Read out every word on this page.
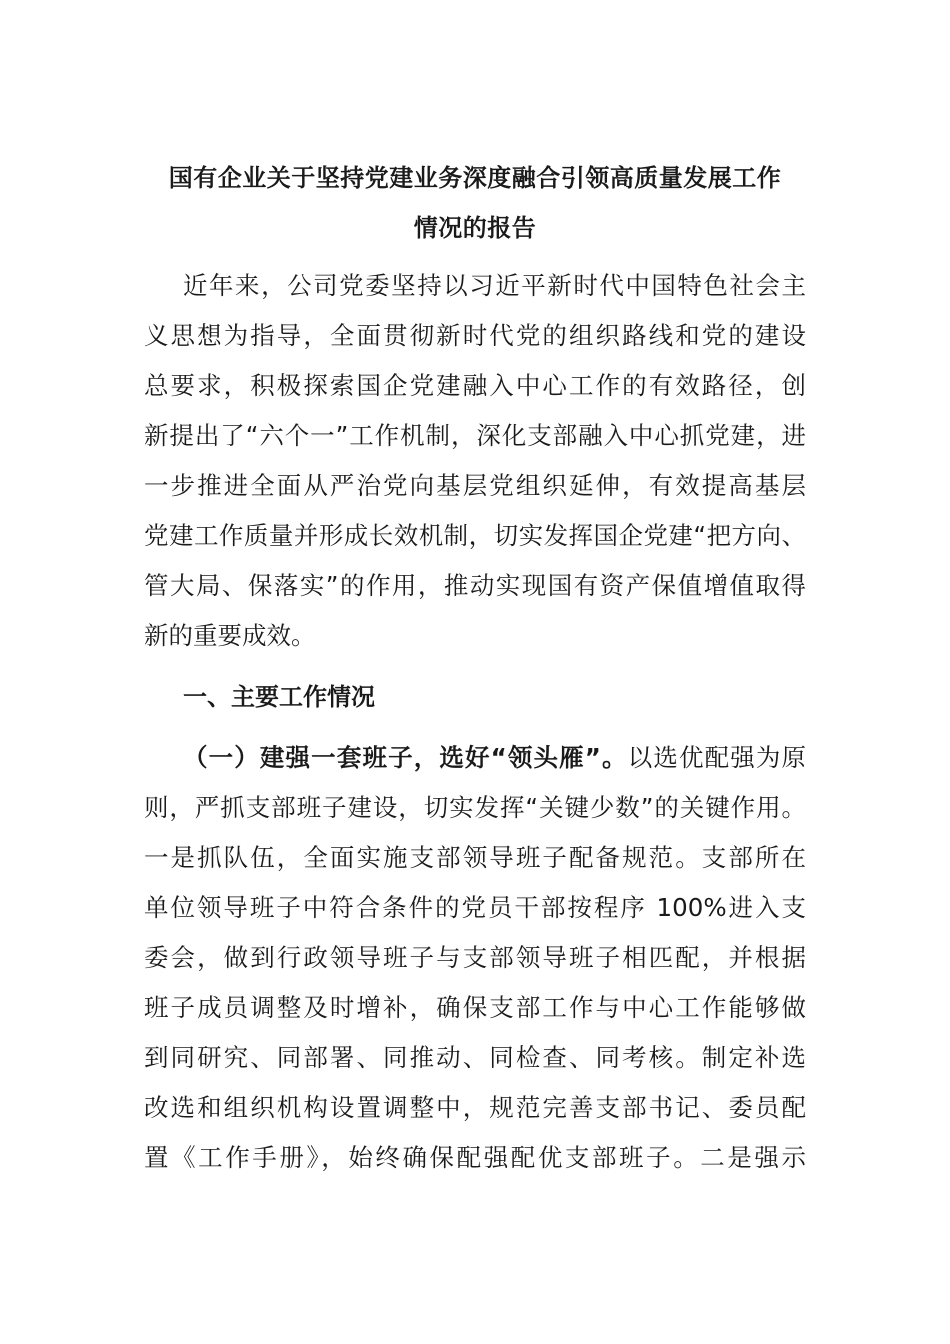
国有企业关于坚持党建业务深度融合引领高质量发展工作
情况的报告
近年来，公司党委坚持以习近平新时代中国特色社会主
义思想为指导，全面贯彻新时代党的组织路线和党的建设
总要求，积极探索国企党建融入中心工作的有效路径，创
新提出了“六个一”工作机制，深化支部融入中心抓党建，进
一步推进全面从严治党向基层党组织延伸，有效提高基层
党建工作质量并形成长效机制，切实发挥国企党建“把方向、
管大局、保落实”的作用，推动实现国有资产保值增值取得
新的重要成效。
一、主要工作情况
（一）建强一套班子，选好“领头雁”。以选优配强为原
则，严抓支部班子建设，切实发挥“关键少数”的关键作用。
一是抓队伍，全面实施支部领导班子配备规范。支部所在
单位领导班子中符合条件的党员干部按程序 100%进入支
委会，做到行政领导班子与支部领导班子相匹配，并根据
班子成员调整及时增补，确保支部工作与中心工作能够做
到同研究、同部署、同推动、同检查、同考核。制定补选
改选和组织机构设置调整中，规范完善支部书记、委员配
置《工作手册》，始终确保配强配优支部班子。二是强示
